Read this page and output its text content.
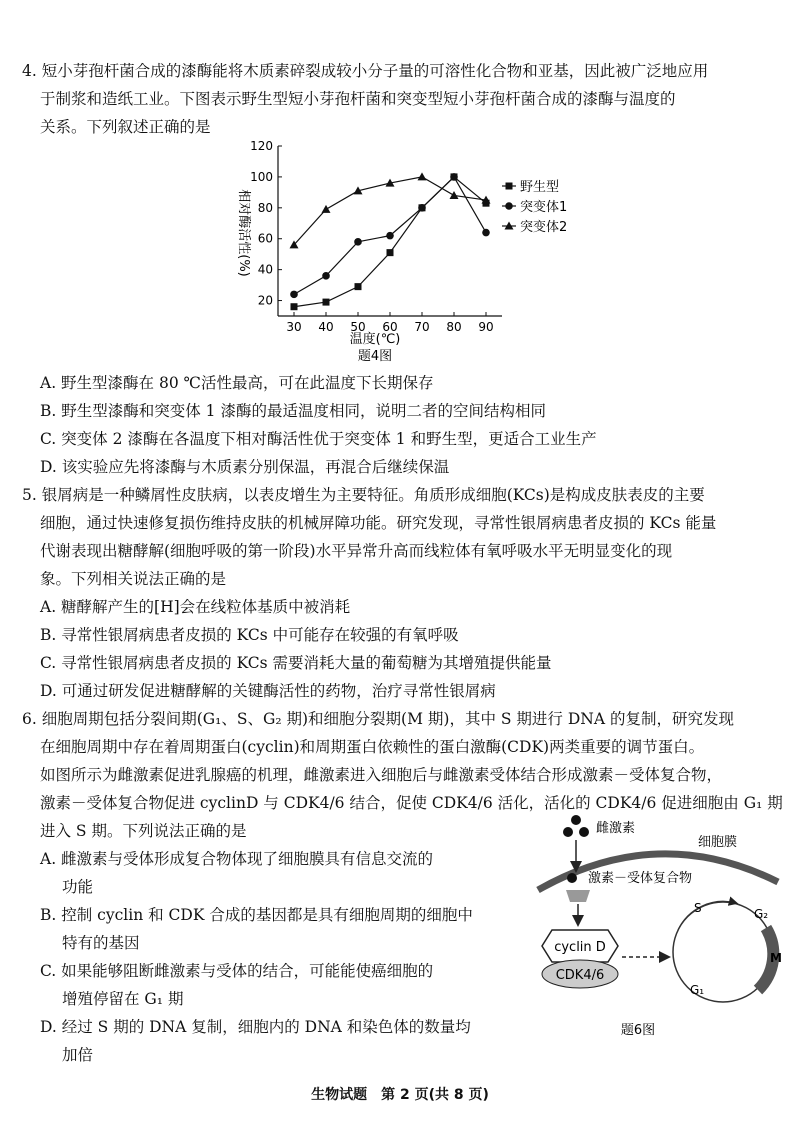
4. 短小芽孢杆菌合成的漆酶能将木质素碎裂成较小分子量的可溶性化合物和亚基，因此被广泛地应用
于制浆和造纸工业。下图表示野生型短小芽孢杆菌和突变型短小芽孢杆菌合成的漆酶与温度的
关系。下列叙述正确的是
20
40
60
80
100
120
30 40 50 60 70 80 90
野生型
突变体1
突变体2
温度(℃)
相对酶活性(%)
题4图
A. 野生型漆酶在 80 ℃活性最高，可在此温度下长期保存
B. 野生型漆酶和突变体 1 漆酶的最适温度相同，说明二者的空间结构相同
C. 突变体 2 漆酶在各温度下相对酶活性优于突变体 1 和野生型，更适合工业生产
D. 该实验应先将漆酶与木质素分别保温，再混合后继续保温
5. 银屑病是一种鳞屑性皮肤病，以表皮增生为主要特征。角质形成细胞(KCs)是构成皮肤表皮的主要
细胞，通过快速修复损伤维持皮肤的机械屏障功能。研究发现，寻常性银屑病患者皮损的 KCs 能量
代谢表现出糖酵解(细胞呼吸的第一阶段)水平异常升高而线粒体有氧呼吸水平无明显变化的现
象。下列相关说法正确的是
A. 糖酵解产生的[H]会在线粒体基质中被消耗
B. 寻常性银屑病患者皮损的 KCs 中可能存在较强的有氧呼吸
C. 寻常性银屑病患者皮损的 KCs 需要消耗大量的葡萄糖为其增殖提供能量
D. 可通过研发促进糖酵解的关键酶活性的药物，治疗寻常性银屑病
6. 细胞周期包括分裂间期(G₁、S、G₂ 期)和细胞分裂期(M 期)，其中 S 期进行 DNA 的复制，研究发现
在细胞周期中存在着周期蛋白(cyclin)和周期蛋白依赖性的蛋白激酶(CDK)两类重要的调节蛋白。
如图所示为雌激素促进乳腺癌的机理，雌激素进入细胞后与雌激素受体结合形成激素－受体复合物，
激素－受体复合物促进 cyclinD 与 CDK4/6 结合，促使 CDK4/6 活化，活化的 CDK4/6 促进细胞由 G₁ 期
进入 S 期。下列说法正确的是
A. 雌激素与受体形成复合物体现了细胞膜具有信息交流的
功能
B. 控制 cyclin 和 CDK 合成的基因都是具有细胞周期的细胞中
特有的基因
C. 如果能够阻断雌激素与受体的结合，可能能使癌细胞的
增殖停留在 G₁ 期
D. 经过 S 期的 DNA 复制，细胞内的 DNA 和染色体的数量均
加倍
雌激素
细胞膜
激素－受体复合物
cyclin D
CDK4/6
S	G₂
M
G₁
题6图
生物试题　第 2 页(共 8 页)
